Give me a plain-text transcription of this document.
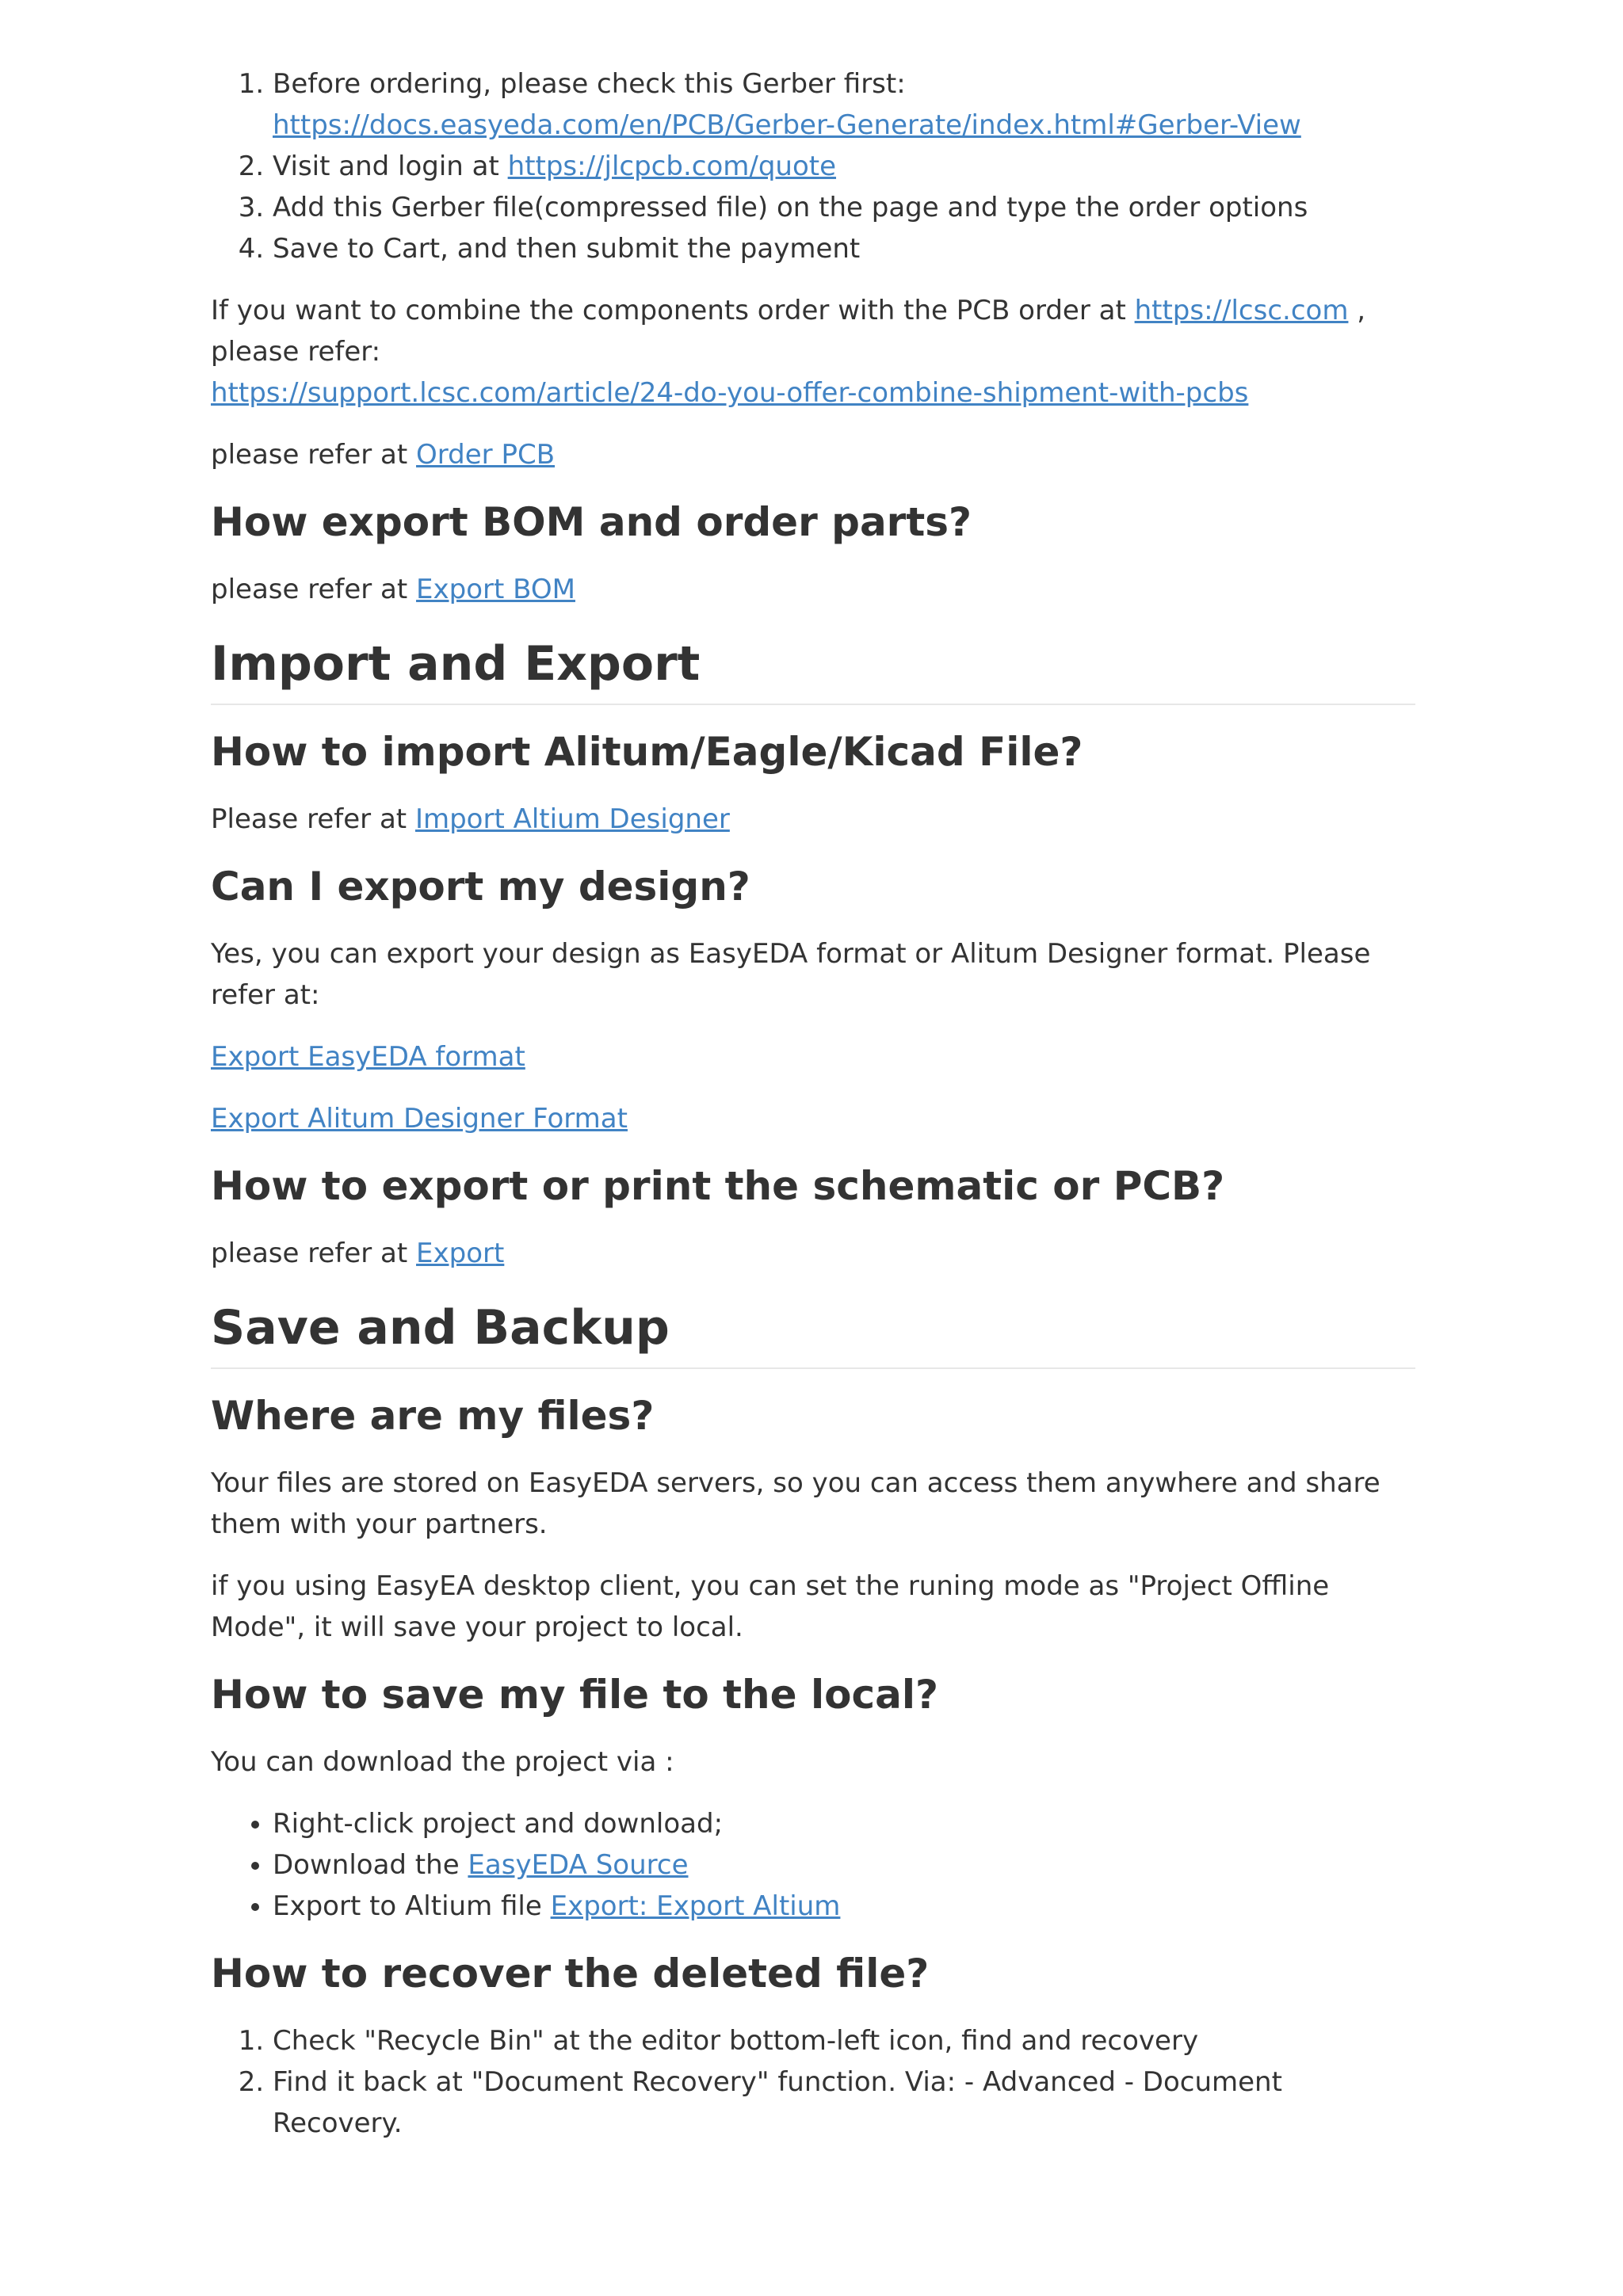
1. Before ordering, please check this Gerber first:
https://docs.easyeda.com/en/PCB/Gerber-Generate/index.html#Gerber-View
2. Visit and login at https://jlcpcb.com/quote
3. Add this Gerber file(compressed file) on the page and type the order options
4. Save to Cart, and then submit the payment

If you want to combine the components order with the PCB order at https://lcsc.com , please refer:
https://support.lcsc.com/article/24-do-you-offer-combine-shipment-with-pcbs

please refer at Order PCB

How export BOM and order parts?

please refer at Export BOM

Import and Export
How to import Alitum/Eagle/Kicad File?

Please refer at Import Altium Designer

Can I export my design?

Yes, you can export your design as EasyEDA format or Alitum Designer format. Please refer at:

Export EasyEDA format

Export Alitum Designer Format

How to export or print the schematic or PCB?

please refer at Export

Save and Backup
Where are my files?

Your files are stored on EasyEDA servers, so you can access them anywhere and share them with your partners.

if you using EasyEA desktop client, you can set the runing mode as "Project Offline Mode", it will save your project to local.

How to save my file to the local?

You can download the project via :

• Right-click project and download;
• Download the EasyEDA Source
• Export to Altium file Export: Export Altium
How to recover the deleted file?
1. Check "Recycle Bin" at the editor bottom-left icon, find and recovery
2. Find it back at "Document Recovery" function. Via: - Advanced - Document Recovery.
